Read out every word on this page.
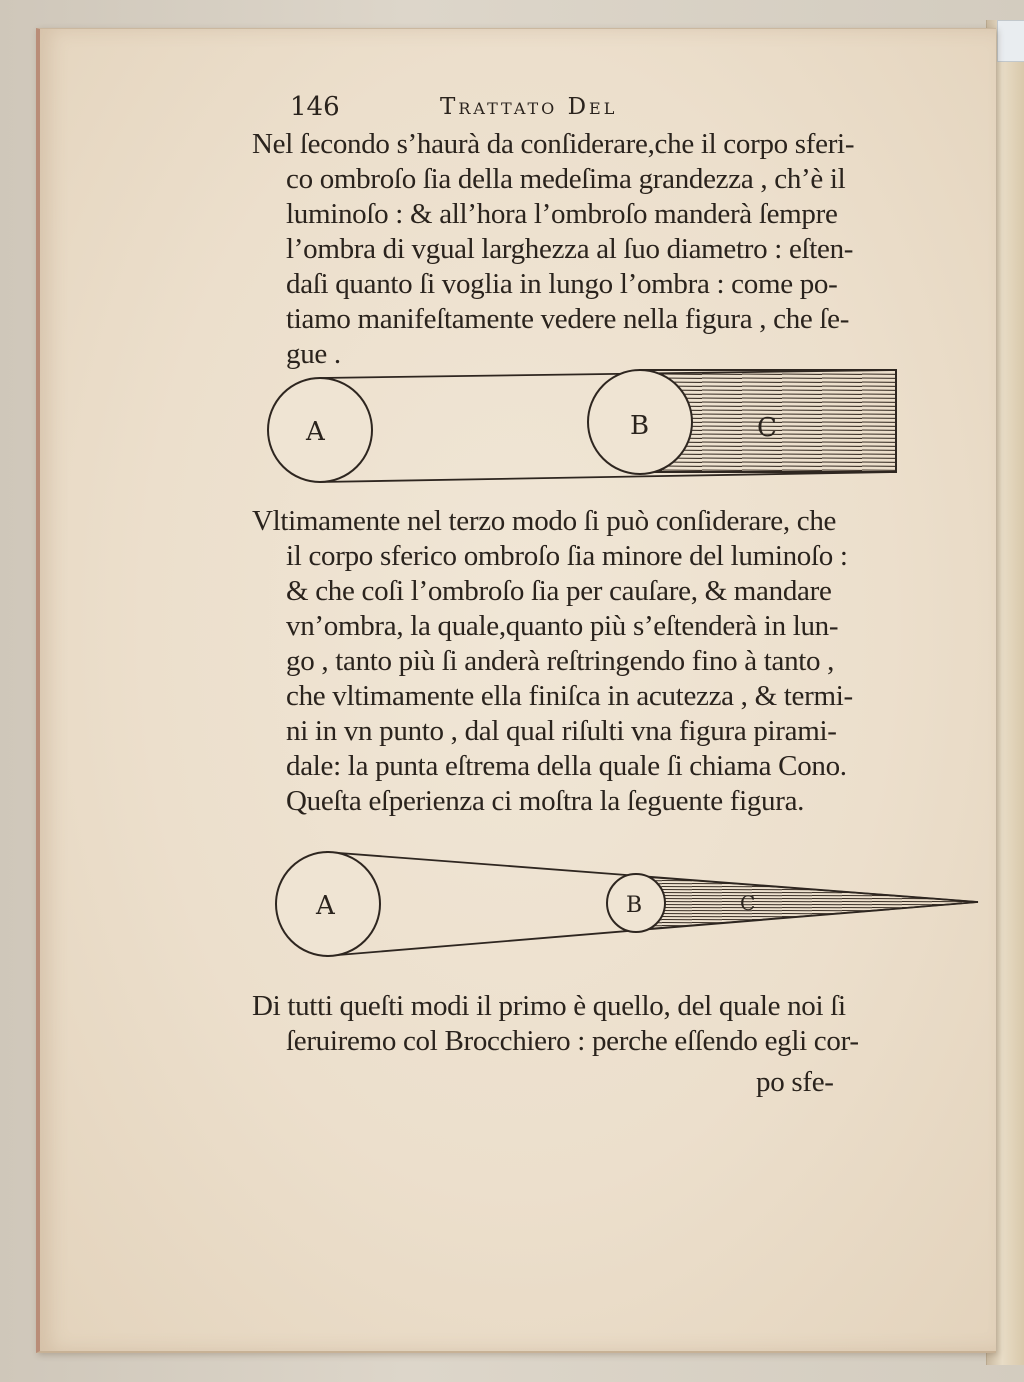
146	Trattato Del
Nel ſecondo s’haurà da conſiderare,che il corpo sferi-
co ombroſo ſia della medeſima grandezza , ch’è il
luminoſo : & all’hora l’ombroſo manderà ſempre
l’ombra di vgual larghezza al ſuo diametro : eſten-
daſi quanto ſi voglia in lungo l’ombra : come po-
tiamo manifeſtamente vedere nella figura , che ſe-
gue .
A	B	C
Vltimamente nel terzo modo ſi può conſiderare, che
il corpo sferico ombroſo ſia minore del luminoſo :
& che coſi l’ombroſo ſia per cauſare, & mandare
vn’ombra, la quale,quanto più s’eſtenderà in lun-
go , tanto più ſi anderà reſtringendo fino à tanto ,
che vltimamente ella finiſca in acutezza , & termi-
ni in vn punto , dal qual riſulti vna figura pirami-
dale: la punta eſtrema della quale ſi chiama Cono.
Queſta eſperienza ci moſtra la ſeguente figura.
A	B	C
Di tutti queſti modi il primo è quello, del quale noi ſi
ſeruiremo col Brocchiero : perche eſſendo egli cor-
po sfe-
